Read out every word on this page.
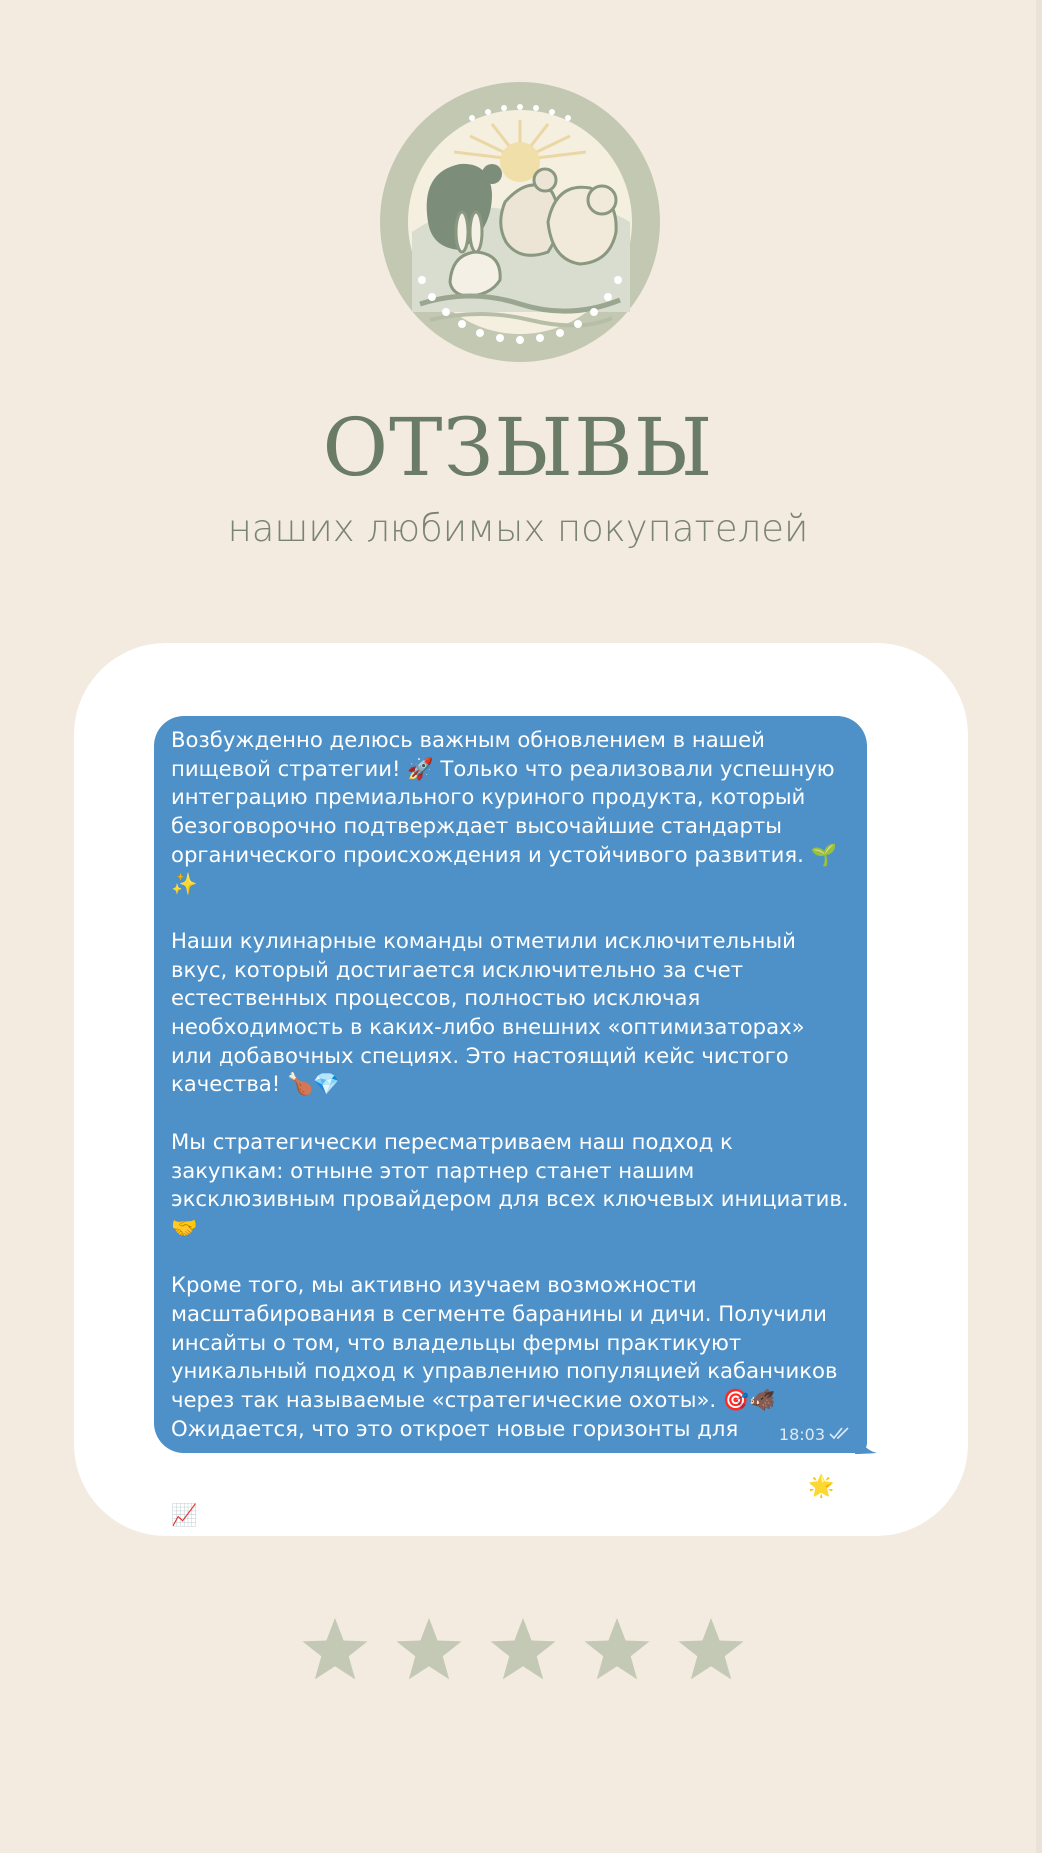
ОТЗЫВЫ
наших любимых покупателей

Возбужденно делюсь важным обновлением в нашей пищевой стратегии! 🚀 Только что реализовали успешную интеграцию премиального куриного продукта, который безоговорочно подтверждает высочайшие стандарты органического происхождения и устойчивого развития. 🌱✨

Наши кулинарные команды отметили исключительный вкус, который достигается исключительно за счет естественных процессов, полностью исключая необходимость в каких-либо внешних «оптимизаторах» или добавочных специях. Это настоящий кейс чистого качества! 🍗💎

Мы стратегически пересматриваем наш подход к закупкам: отныне этот партнер станет нашим эксклюзивным провайдером для всех ключевых инициатив. 🤝

Кроме того, мы активно изучаем возможности масштабирования в сегменте баранины и дичи. Получили инсайты о том, что владельцы фермы практикуют уникальный подход к управлению популяцией кабанчиков через так называемые «стратегические охоты». 🎯🐗
Ожидается, что это откроет новые горизонты для гастрономического опыта и станет следующим этапом нашего пути к совершенству. Ожидаем с нетерпением! 🌟📈

18:03
